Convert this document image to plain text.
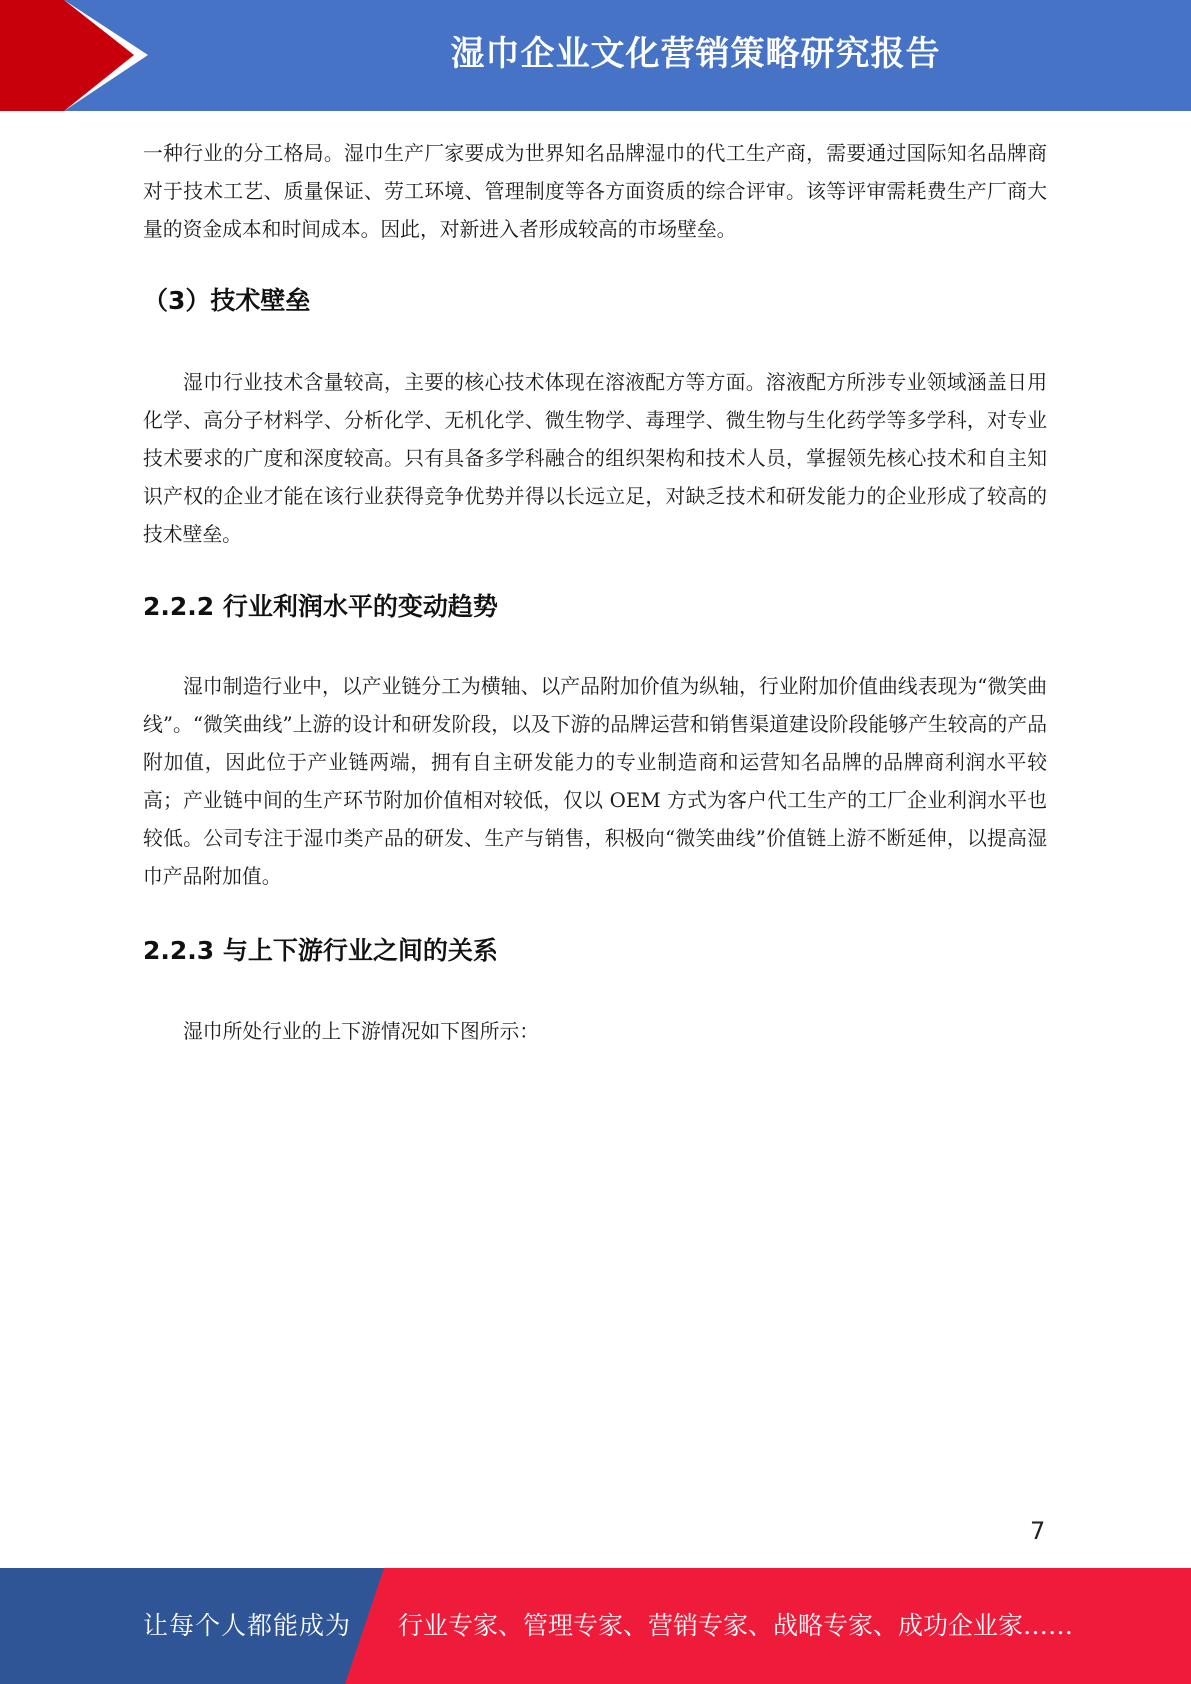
湿巾企业文化营销策略研究报告

一种行业的分工格局。湿巾生产厂家要成为世界知名品牌湿巾的代工生产商，需要通过国际知名品牌商对于技术工艺、质量保证、劳工环境、管理制度等各方面资质的综合评审。该等评审需耗费生产厂商大量的资金成本和时间成本。因此，对新进入者形成较高的市场壁垒。

（3）技术壁垒

湿巾行业技术含量较高，主要的核心技术体现在溶液配方等方面。溶液配方所涉专业领域涵盖日用化学、高分子材料学、分析化学、无机化学、微生物学、毒理学、微生物与生化药学等多学科，对专业技术要求的广度和深度较高。只有具备多学科融合的组织架构和技术人员，掌握领先核心技术和自主知识产权的企业才能在该行业获得竞争优势并得以长远立足，对缺乏技术和研发能力的企业形成了较高的技术壁垒。

2.2.2 行业利润水平的变动趋势

湿巾制造行业中，以产业链分工为横轴、以产品附加价值为纵轴，行业附加价值曲线表现为“微笑曲线”。“微笑曲线”上游的设计和研发阶段，以及下游的品牌运营和销售渠道建设阶段能够产生较高的产品附加值，因此位于产业链两端，拥有自主研发能力的专业制造商和运营知名品牌的品牌商利润水平较高；产业链中间的生产环节附加价值相对较低，仅以 OEM 方式为客户代工生产的工厂企业利润水平也较低。公司专注于湿巾类产品的研发、生产与销售，积极向“微笑曲线”价值链上游不断延伸，以提高湿巾产品附加值。

2.2.3 与上下游行业之间的关系

湿巾所处行业的上下游情况如下图所示：

7
让每个人都能成为 行业专家、管理专家、营销专家、战略专家、成功企业家……
